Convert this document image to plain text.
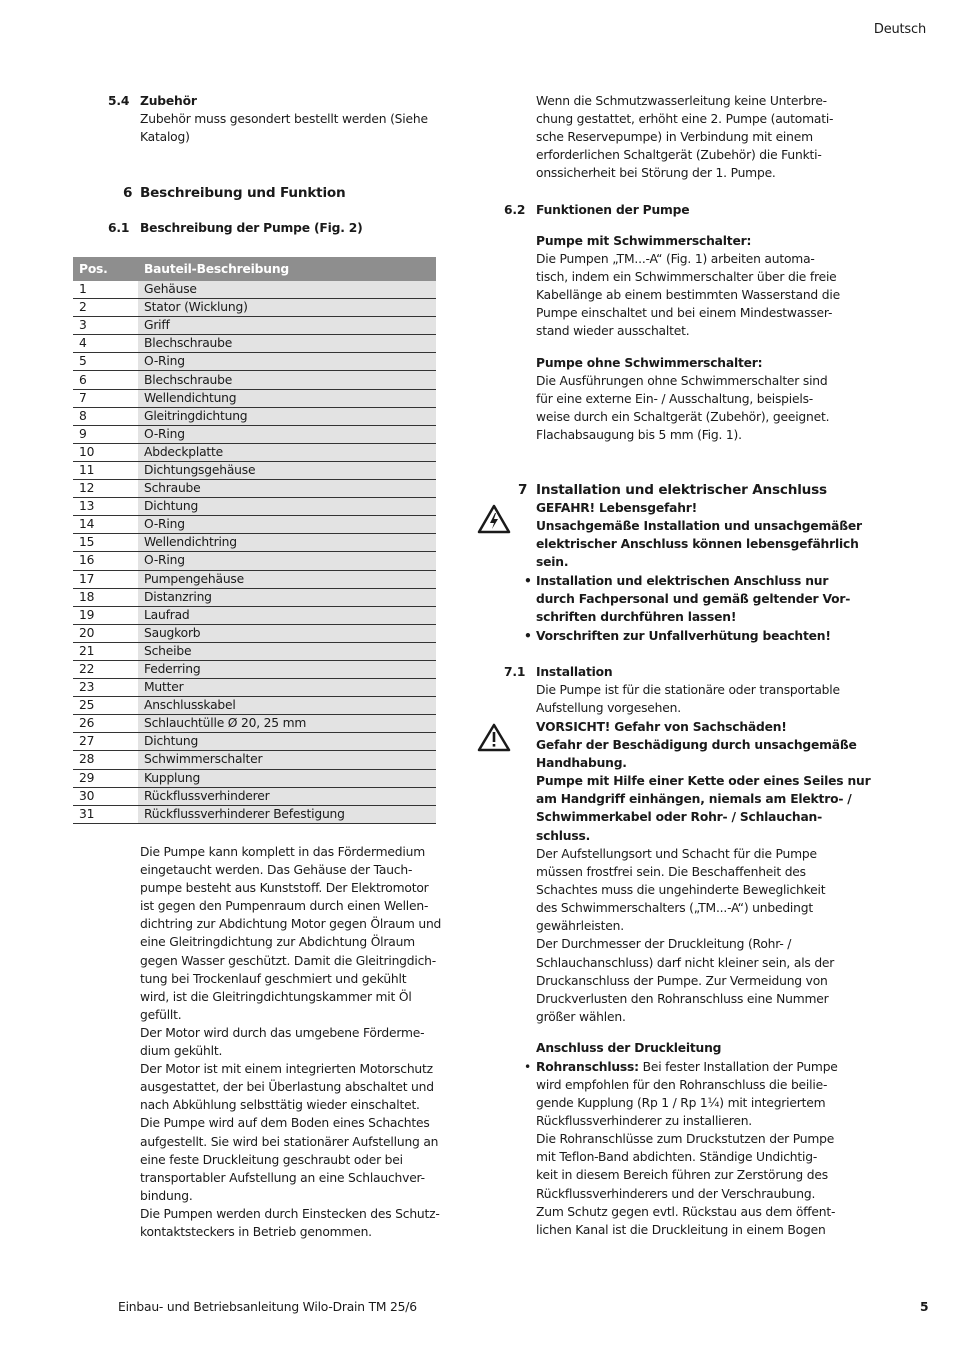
Deutsch
5.4 Zubehör
Zubehör muss gesondert bestellt werden (Siehe
Katalog)
6 Beschreibung und Funktion
6.1 Beschreibung der Pumpe (Fig. 2)
Pos.	Bauteil-Beschreibung
1	Gehäuse
2	Stator (Wicklung)
3	Griff
4	Blechschraube
5	O-Ring
6	Blechschraube
7	Wellendichtung
8	Gleitringdichtung
9	O-Ring
10	Abdeckplatte
11	Dichtungsgehäuse
12	Schraube
13	Dichtung
14	O-Ring
15	Wellendichtring
16	O-Ring
17	Pumpengehäuse
18	Distanzring
19	Laufrad
20	Saugkorb
21	Scheibe
22	Federring
23	Mutter
25	Anschlusskabel
26	Schlauchtülle Ø 20, 25 mm
27	Dichtung
28	Schwimmerschalter
29	Kupplung
30	Rückflussverhinderer
31	Rückflussverhinderer Befestigung
Die Pumpe kann komplett in das Fördermedium
eingetaucht werden. Das Gehäuse der Tauch-
pumpe besteht aus Kunststoff. Der Elektromotor
ist gegen den Pumpenraum durch einen Wellen-
dichtring zur Abdichtung Motor gegen Ölraum und
eine Gleitringdichtung zur Abdichtung Ölraum
gegen Wasser geschützt. Damit die Gleitringdich-
tung bei Trockenlauf geschmiert und gekühlt
wird, ist die Gleitringdichtungskammer mit Öl
gefüllt.
Der Motor wird durch das umgebene Förderme-
dium gekühlt.
Der Motor ist mit einem integrierten Motorschutz
ausgestattet, der bei Überlastung abschaltet und
nach Abkühlung selbsttätig wieder einschaltet.
Die Pumpe wird auf dem Boden eines Schachtes
aufgestellt. Sie wird bei stationärer Aufstellung an
eine feste Druckleitung geschraubt oder bei
transportabler Aufstellung an eine Schlauchver-
bindung.
Die Pumpen werden durch Einstecken des Schutz-
kontaktsteckers in Betrieb genommen.
Wenn die Schmutzwasserleitung keine Unterbre-
chung gestattet, erhöht eine 2. Pumpe (automati-
sche Reservepumpe) in Verbindung mit einem
erforderlichen Schaltgerät (Zubehör) die Funkti-
onssicherheit bei Störung der 1. Pumpe.
6.2 Funktionen der Pumpe
Pumpe mit Schwimmerschalter:
Die Pumpen „TM...-A“ (Fig. 1) arbeiten automa-
tisch, indem ein Schwimmerschalter über die freie
Kabellänge ab einem bestimmten Wasserstand die
Pumpe einschaltet und bei einem Mindestwasser-
stand wieder ausschaltet.
Pumpe ohne Schwimmerschalter:
Die Ausführungen ohne Schwimmerschalter sind
für eine externe Ein- / Ausschaltung, beispiels-
weise durch ein Schaltgerät (Zubehör), geeignet.
Flachabsaugung bis 5 mm (Fig. 1).
7 Installation und elektrischer Anschluss
GEFAHR! Lebensgefahr!
Unsachgemäße Installation und unsachgemäßer
elektrischer Anschluss können lebensgefährlich
sein.
• Installation und elektrischen Anschluss nur
durch Fachpersonal und gemäß geltender Vor-
schriften durchführen lassen!
• Vorschriften zur Unfallverhütung beachten!
7.1 Installation
Die Pumpe ist für die stationäre oder transportable
Aufstellung vorgesehen.
VORSICHT! Gefahr von Sachschäden!
Gefahr der Beschädigung durch unsachgemäße
Handhabung.
Pumpe mit Hilfe einer Kette oder eines Seiles nur
am Handgriff einhängen, niemals am Elektro- /
Schwimmerkabel oder Rohr- / Schlauchan-
schluss.
Der Aufstellungsort und Schacht für die Pumpe
müssen frostfrei sein. Die Beschaffenheit des
Schachtes muss die ungehinderte Beweglichkeit
des Schwimmerschalters („TM...-A“) unbedingt
gewährleisten.
Der Durchmesser der Druckleitung (Rohr- /
Schlauchanschluss) darf nicht kleiner sein, als der
Druckanschluss der Pumpe. Zur Vermeidung von
Druckverlusten den Rohranschluss eine Nummer
größer wählen.
Anschluss der Druckleitung
• Rohranschluss: Bei fester Installation der Pumpe
wird empfohlen für den Rohranschluss die beilie-
gende Kupplung (Rp 1 / Rp 1¼) mit integriertem
Rückflussverhinderer zu installieren.
Die Rohranschlüsse zum Druckstutzen der Pumpe
mit Teflon-Band abdichten. Ständige Undichtig-
keit in diesem Bereich führen zur Zerstörung des
Rückflussverhinderers und der Verschraubung.
Zum Schutz gegen evtl. Rückstau aus dem öffent-
lichen Kanal ist die Druckleitung in einem Bogen
Einbau- und Betriebsanleitung Wilo-Drain TM 25/6	5
